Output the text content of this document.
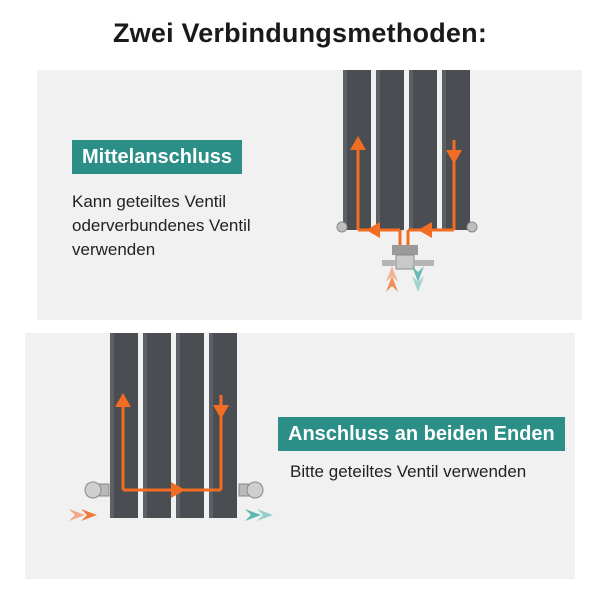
Zwei Verbindungsmethoden:
Mittelanschluss
Kann geteiltes Ventil
oderverbundenes Ventil
verwenden
Anschluss an beiden Enden
Bitte geteiltes Ventil verwenden
